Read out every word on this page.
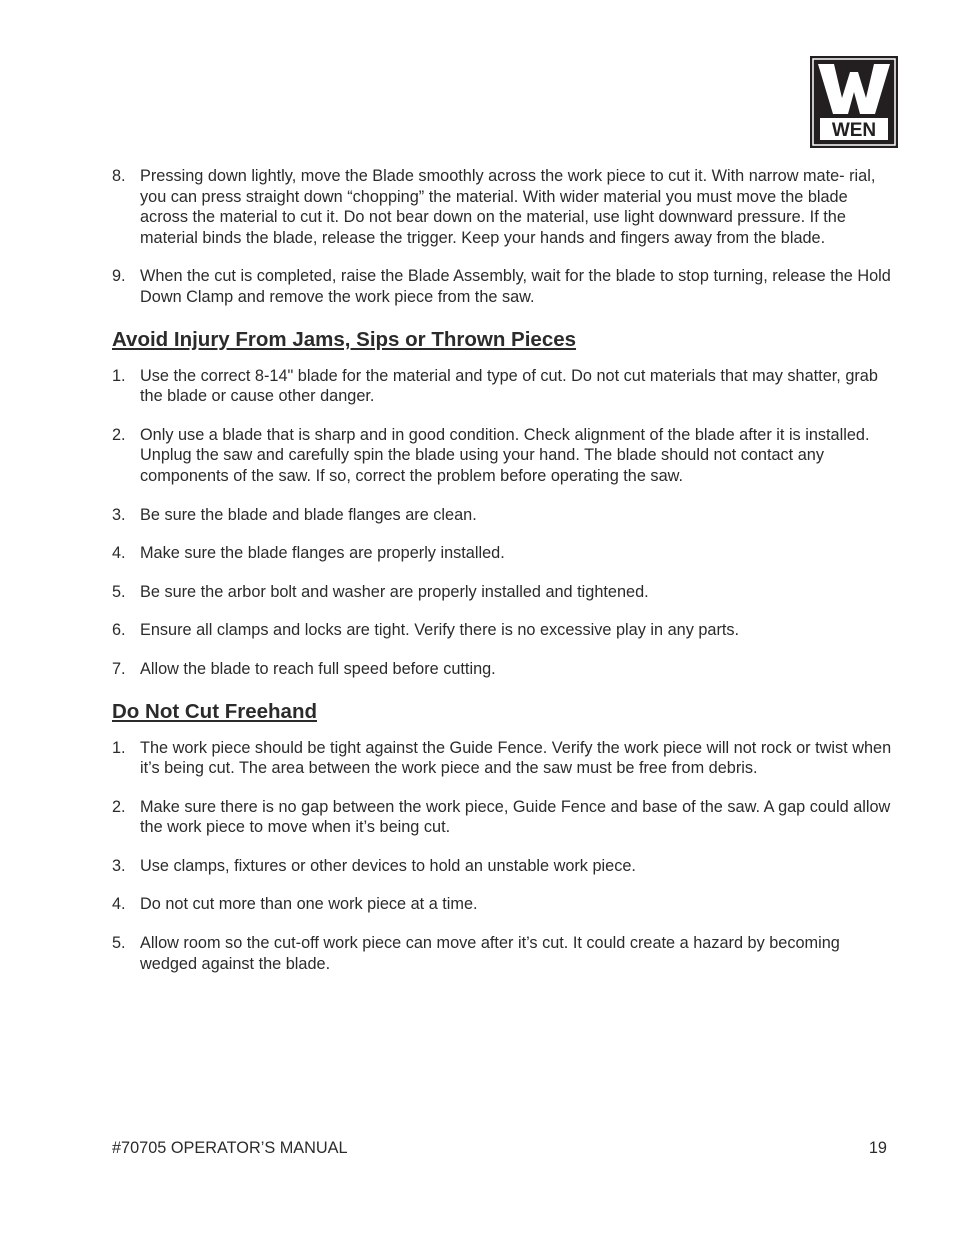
WEN
8. Pressing down lightly, move the Blade smoothly across the work piece to cut it. With narrow mate- rial, you can press straight down “chopping” the material. With wider material you must move the blade across the material to cut it. Do not bear down on the material, use light downward pressure. If the material binds the blade, release the trigger. Keep your hands and fingers away from the blade.
9. When the cut is completed, raise the Blade Assembly, wait for the blade to stop turning, release the Hold Down Clamp and remove the work piece from the saw.
Avoid Injury From Jams, Sips or Thrown Pieces
1. Use the correct 8-14" blade for the material and type of cut. Do not cut materials that may shatter, grab the blade or cause other danger.
2. Only use a blade that is sharp and in good condition. Check alignment of the blade after it is installed. Unplug the saw and carefully spin the blade using your hand. The blade should not contact any components of the saw. If so, correct the problem before operating the saw.
3. Be sure the blade and blade flanges are clean.
4. Make sure the blade flanges are properly installed.
5. Be sure the arbor bolt and washer are properly installed and tightened.
6. Ensure all clamps and locks are tight. Verify there is no excessive play in any parts.
7. Allow the blade to reach full speed before cutting.
Do Not Cut Freehand
1. The work piece should be tight against the Guide Fence. Verify the work piece will not rock or twist when it’s being cut. The area between the work piece and the saw must be free from debris.
2. Make sure there is no gap between the work piece, Guide Fence and base of the saw. A gap could allow the work piece to move when it’s being cut.
3. Use clamps, fixtures or other devices to hold an unstable work piece.
4. Do not cut more than one work piece at a time.
5. Allow room so the cut-off work piece can move after it’s cut. It could create a hazard by becoming wedged against the blade.
#70705 OPERATOR’S MANUAL	19
